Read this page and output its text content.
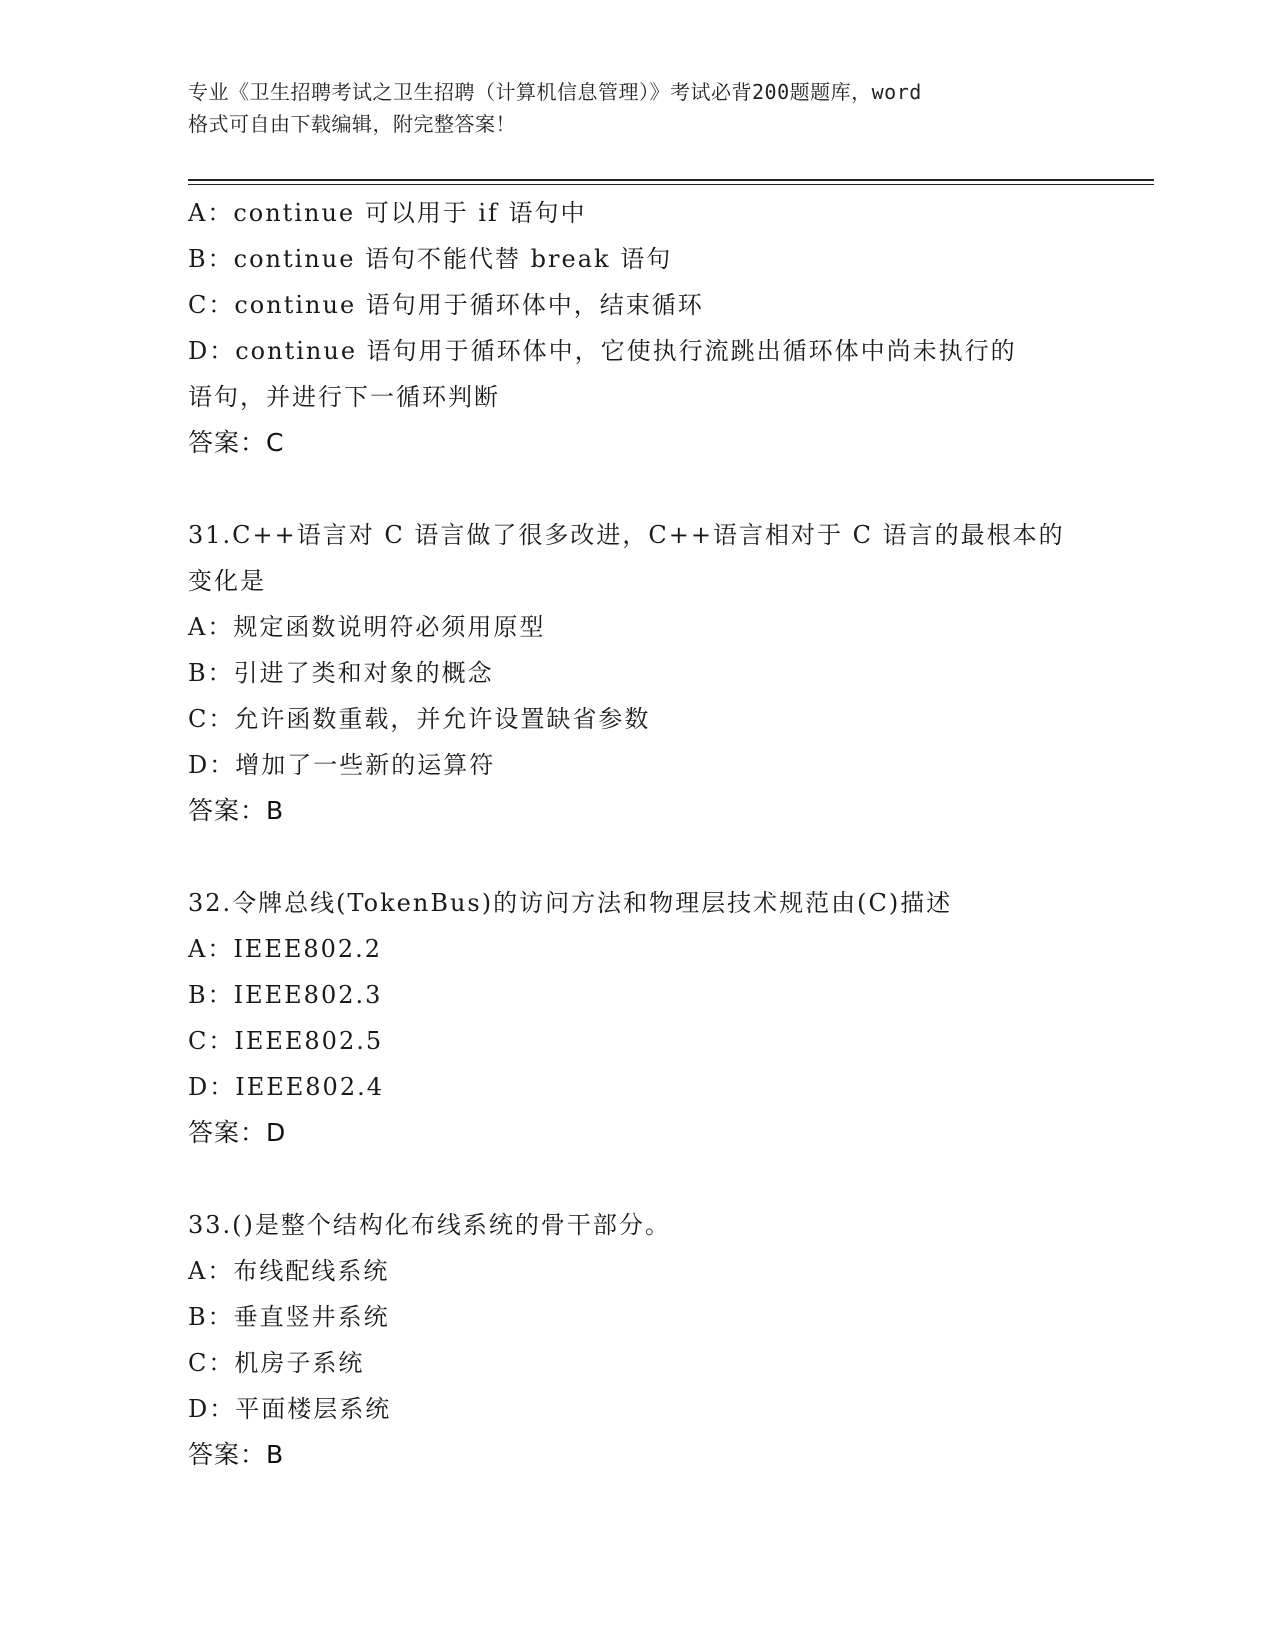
专业《卫生招聘考试之卫生招聘（计算机信息管理）》考试必背200题题库，word
格式可自由下载编辑，附完整答案！
A：continue 可以用于 if 语句中
B：continue 语句不能代替 break 语句
C：continue 语句用于循环体中，结束循环
D：continue 语句用于循环体中，它使执行流跳出循环体中尚未执行的
语句，并进行下一循环判断
答案：C
31.C++语言对 C 语言做了很多改进，C++语言相对于 C 语言的最根本的
变化是
A：规定函数说明符必须用原型
B：引进了类和对象的概念
C：允许函数重载，并允许设置缺省参数
D：增加了一些新的运算符
答案：B
32.令牌总线(TokenBus)的访问方法和物理层技术规范由(C)描述
A：IEEE802.2
B：IEEE802.3
C：IEEE802.5
D：IEEE802.4
答案：D
33.()是整个结构化布线系统的骨干部分。
A：布线配线系统
B：垂直竖井系统
C：机房子系统
D：平面楼层系统
答案：B
